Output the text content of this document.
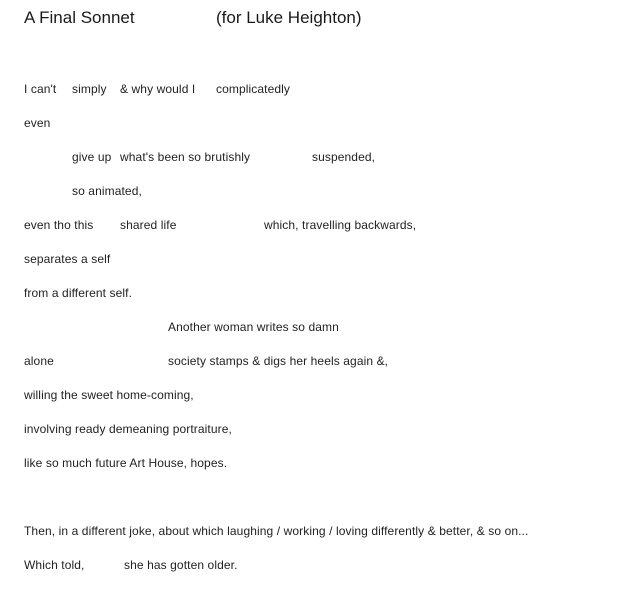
A Final Sonnet	(for Luke Heighton)
I can't simply & why would I complicatedly
even
give up what's been so brutishly	suspended,
so animated,
even tho this shared life	which, travelling backwards,
separates a self
from a different self.
Another woman writes so damn
alone	society stamps & digs her heels again &,
willing the sweet home-coming,
involving ready demeaning portraiture,
like so much future Art House, hopes.
Then, in a different joke, about which laughing / working / loving differently & better, & so on...
Which told,	she has gotten older.
